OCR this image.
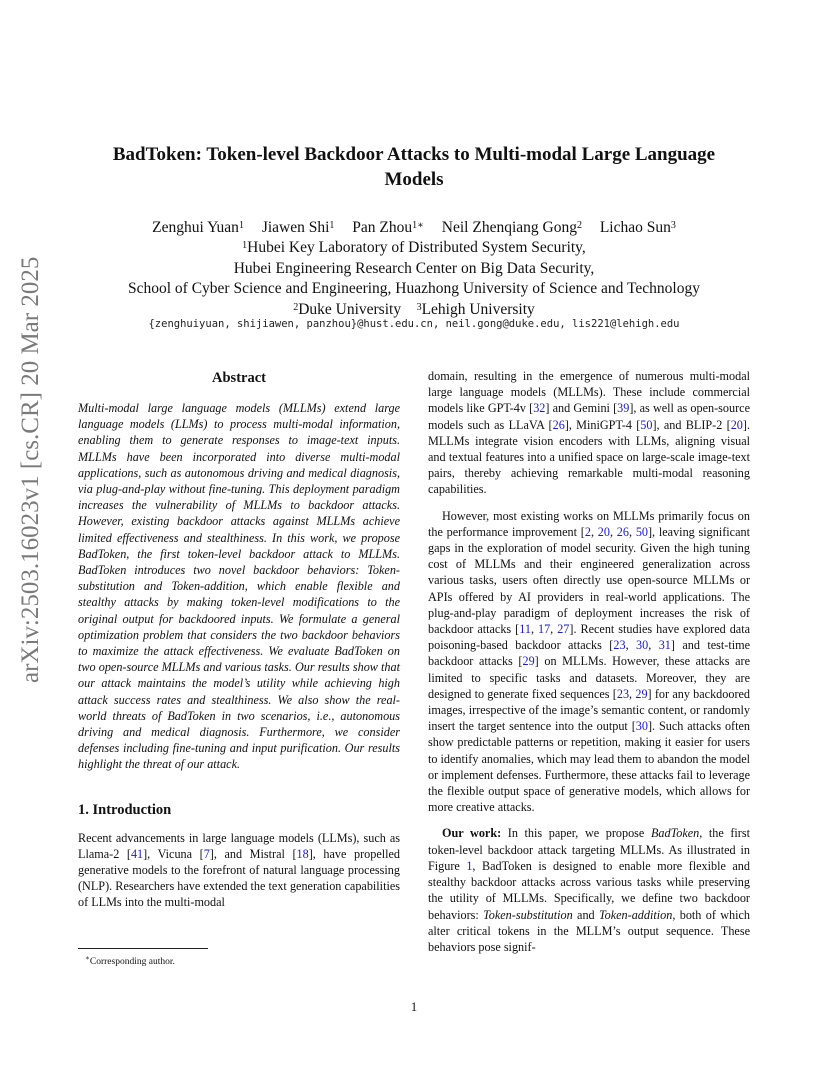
arXiv:2503.16023v1 [cs.CR] 20 Mar 2025
BadToken: Token-level Backdoor Attacks to Multi-modal Large Language
Models
Zenghui Yuan$^1$ Jiawen Shi$^1$ Pan Zhou$^{1∗}$ Neil Zhenqiang Gong$^2$ Lichao Sun$^3$
$^1$Hubei Key Laboratory of Distributed System Security,
Hubei Engineering Research Center on Big Data Security,
School of Cyber Science and Engineering, Huazhong University of Science and Technology
$^2$Duke University $^3$Lehigh University
{zenghuiyuan, shijiawen, panzhou}@hust.edu.cn, neil.gong@duke.edu, lis221@lehigh.edu
Abstract

Multi-modal large language models (MLLMs) extend large language models (LLMs) to process multi-modal information, enabling them to generate responses to image-text inputs. MLLMs have been incorporated into diverse multi-modal applications, such as autonomous driving and medical diagnosis, via plug-and-play without fine-tuning. This deployment paradigm increases the vulnerability of MLLMs to backdoor attacks. However, existing backdoor attacks against MLLMs achieve limited effectiveness and stealthiness. In this work, we propose BadToken, the first token-level backdoor attack to MLLMs. BadToken introduces two novel backdoor behaviors: Token-substitution and Token-addition, which enable flexible and stealthy attacks by making token-level modifications to the original output for backdoored inputs. We formulate a general optimization problem that considers the two backdoor behaviors to maximize the attack effectiveness. We evaluate BadToken on two open-source MLLMs and various tasks. Our results show that our attack maintains the model’s utility while achieving high attack success rates and stealthiness. We also show the real-world threats of BadToken in two scenarios, i.e., autonomous driving and medical diagnosis. Furthermore, we consider defenses including fine-tuning and input purification. Our results highlight the threat of our attack.

1. Introduction

Recent advancements in large language models (LLMs), such as Llama-2 [41], Vicuna [7], and Mistral [18], have propelled generative models to the forefront of natural language processing (NLP). Researchers have extended the text generation capabilities of LLMs into the multi-modal

domain, resulting in the emergence of numerous multi-modal large language models (MLLMs). These include commercial models like GPT-4v [32] and Gemini [39], as well as open-source models such as LLaVA [26], MiniGPT-4 [50], and BLIP-2 [20]. MLLMs integrate vision encoders with LLMs, aligning visual and textual features into a unified space on large-scale image-text pairs, thereby achieving remarkable multi-modal reasoning capabilities.

However, most existing works on MLLMs primarily focus on the performance improvement [2, 20, 26, 50], leaving significant gaps in the exploration of model security. Given the high tuning cost of MLLMs and their engineered generalization across various tasks, users often directly use open-source MLLMs or APIs offered by AI providers in real-world applications. The plug-and-play paradigm of deployment increases the risk of backdoor attacks [11, 17, 27]. Recent studies have explored data poisoning-based backdoor attacks [23, 30, 31] and test-time backdoor attacks [29] on MLLMs. However, these attacks are limited to specific tasks and datasets. Moreover, they are designed to generate fixed sequences [23, 29] for any backdoored images, irrespective of the image’s semantic content, or randomly insert the target sentence into the output [30]. Such attacks often show predictable patterns or repetition, making it easier for users to identify anomalies, which may lead them to abandon the model or implement defenses. Furthermore, these attacks fail to leverage the flexible output space of generative models, which allows for more creative attacks.

Our work: In this paper, we propose BadToken, the first token-level backdoor attack targeting MLLMs. As illustrated in Figure 1, BadToken is designed to enable more flexible and stealthy backdoor attacks across various tasks while preserving the utility of MLLMs. Specifically, we define two backdoor behaviors: Token-substitution and Token-addition, both of which alter critical tokens in the MLLM’s output sequence. These behaviors pose signif-

∗Corresponding author.
1
